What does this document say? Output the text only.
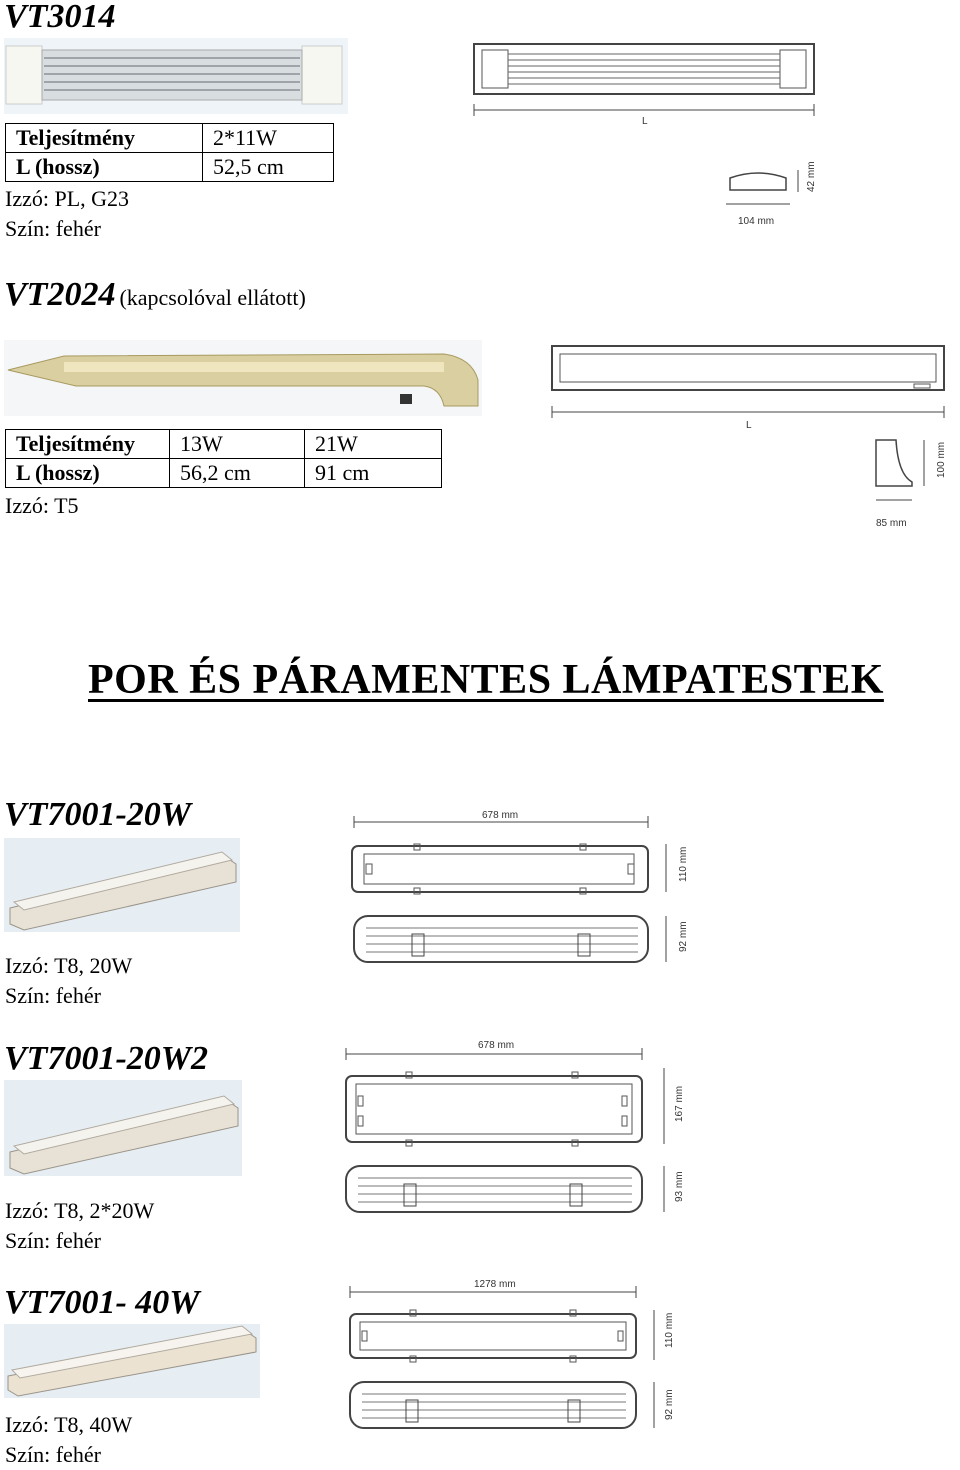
VT3014
Teljesítmény	2*11W
L (hossz)	52,5 cm
Izzó: PL, G23
Szín: fehér
L
104 mm
42 mm
VT2024 (kapcsolóval ellátott)
Teljesítmény	13W	21W
L (hossz)	56,2 cm	91 cm
Izzó: T5
L
85 mm
100 mm
POR ÉS PÁRAMENTES LÁMPATESTEK
VT7001-20W
Izzó: T8, 20W
Szín: fehér
678 mm
110 mm
92 mm
VT7001-20W2
Izzó: T8, 2*20W
Szín: fehér
678 mm
167 mm
93 mm
VT7001- 40W
Izzó: T8, 40W
Szín: fehér
1278 mm
110 mm
92 mm
